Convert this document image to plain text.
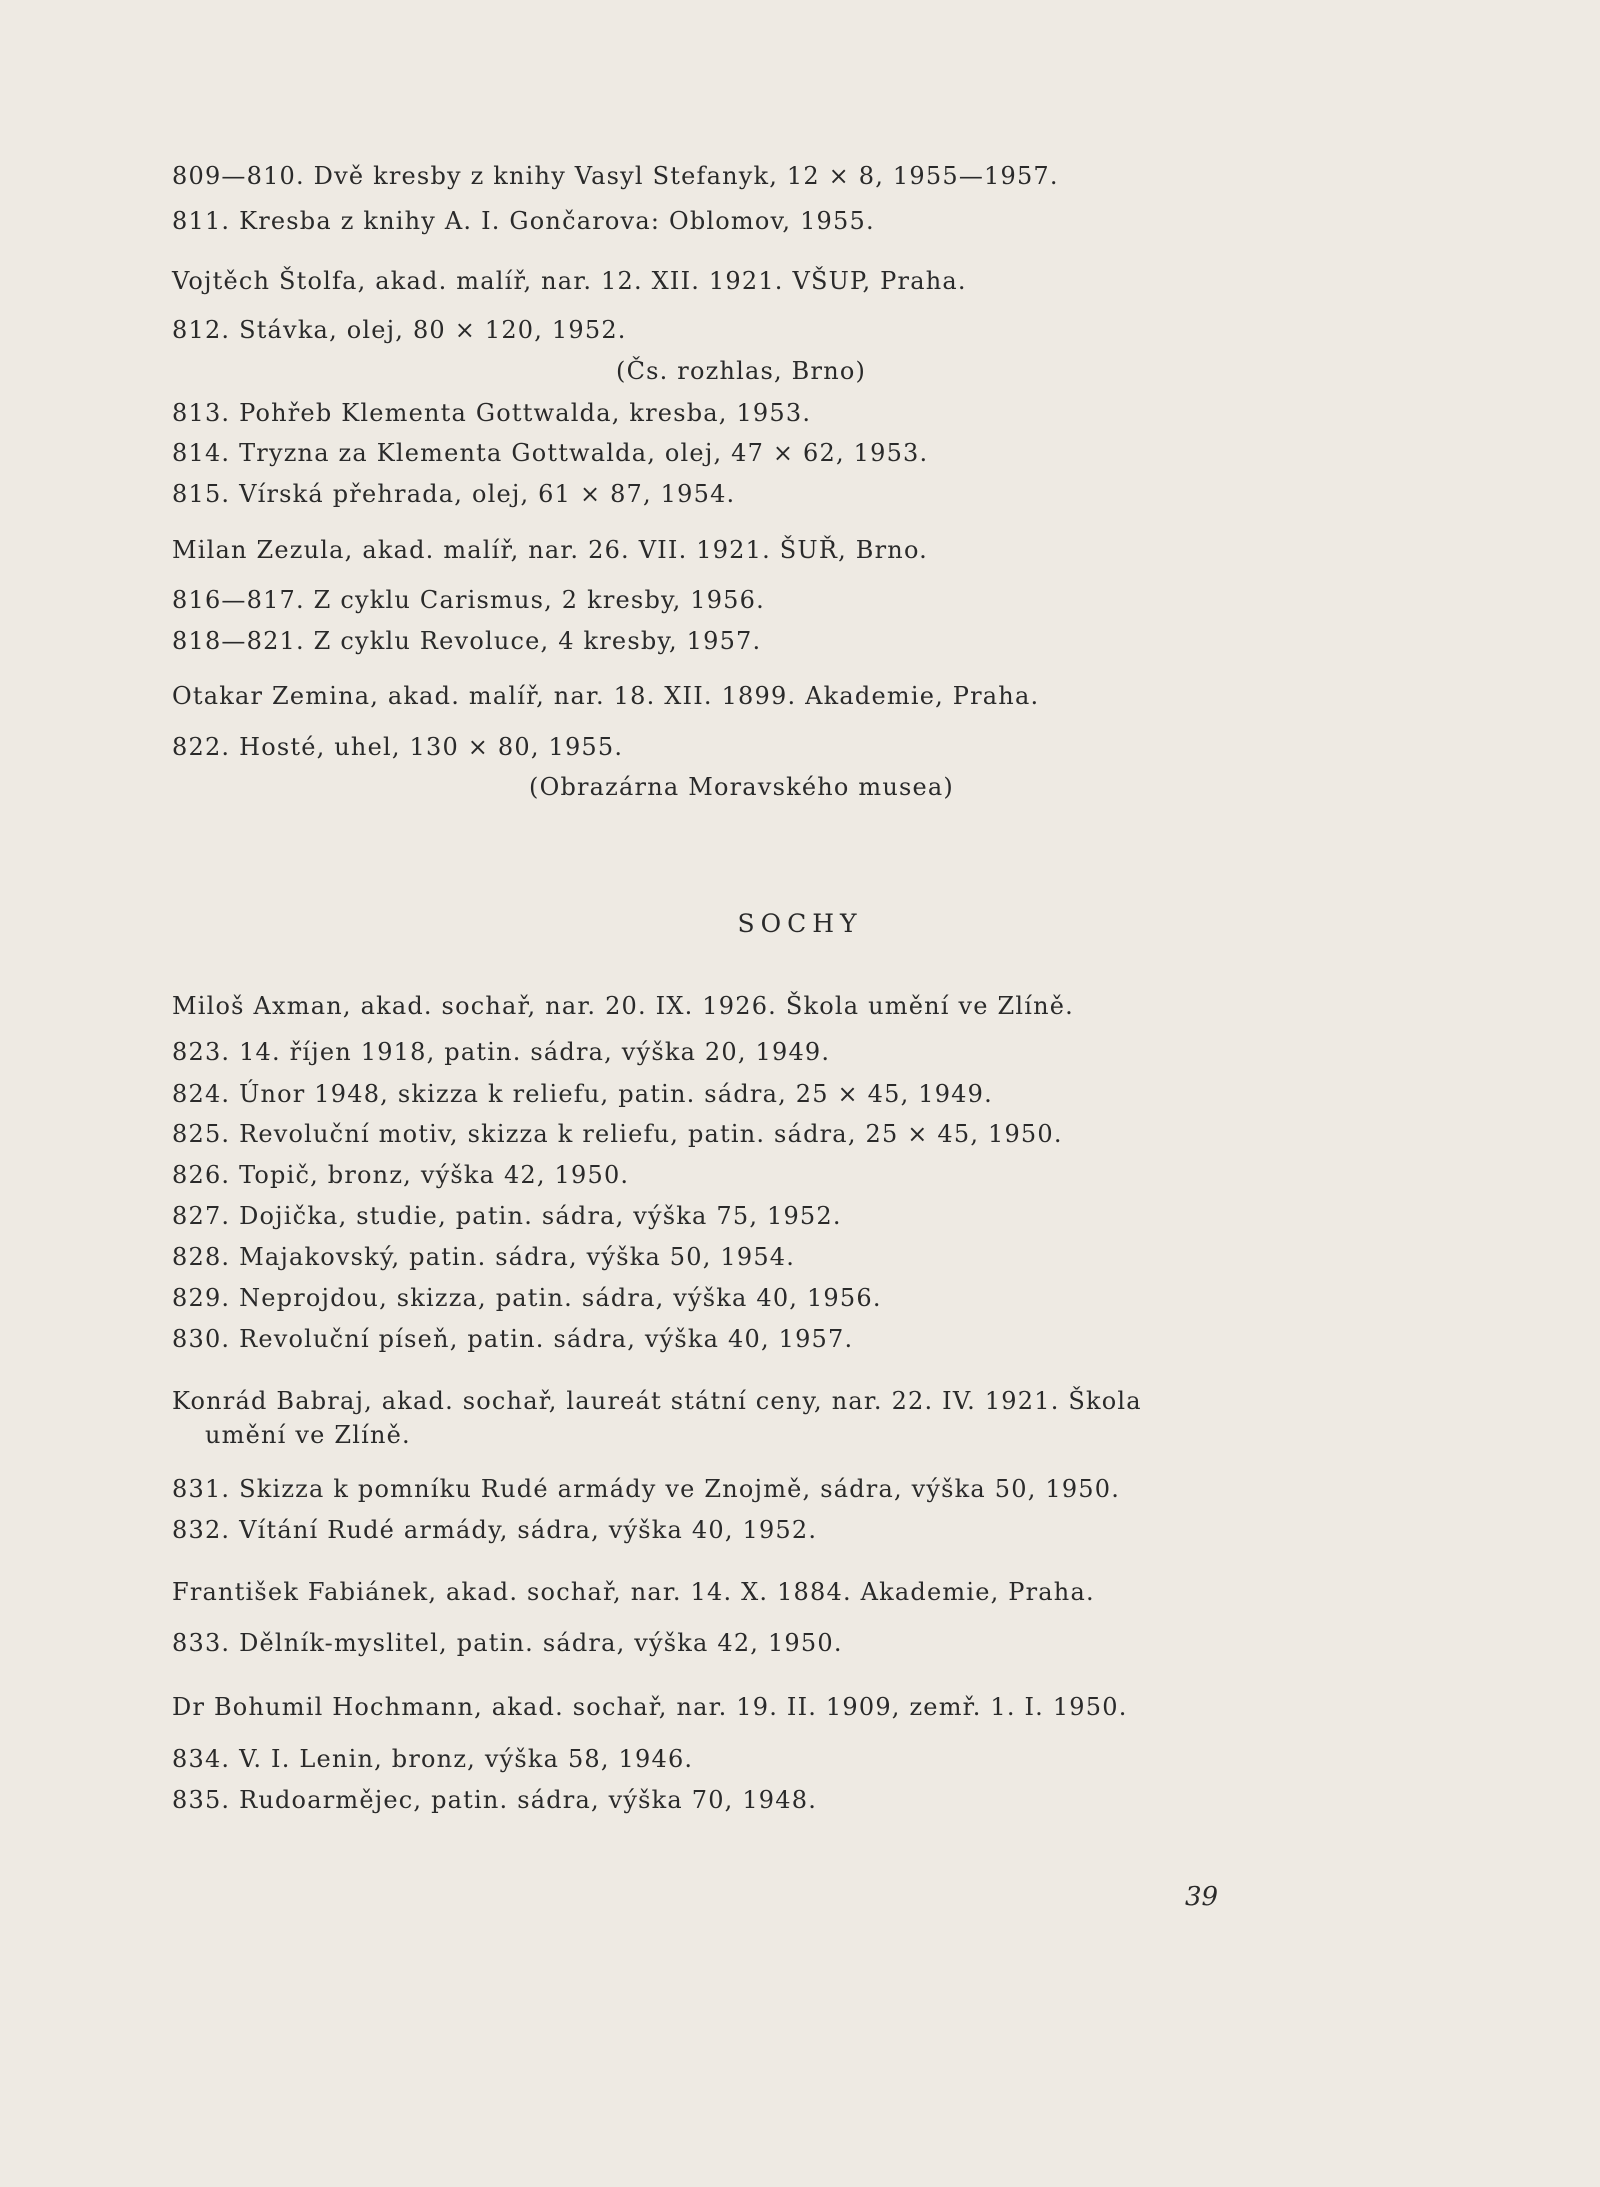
809—810. Dvě kresby z knihy Vasyl Stefanyk, 12 × 8, 1955—1957.
811. Kresba z knihy A. I. Gončarova: Oblomov, 1955.
Vojtěch Štolfa, akad. malíř, nar. 12. XII. 1921. VŠUP, Praha.
812. Stávka, olej, 80 × 120, 1952.
(Čs. rozhlas, Brno)
813. Pohřeb Klementa Gottwalda, kresba, 1953.
814. Tryzna za Klementa Gottwalda, olej, 47 × 62, 1953.
815. Vírská přehrada, olej, 61 × 87, 1954.
Milan Zezula, akad. malíř, nar. 26. VII. 1921. ŠUŘ, Brno.
816—817. Z cyklu Carismus, 2 kresby, 1956.
818—821. Z cyklu Revoluce, 4 kresby, 1957.
Otakar Zemina, akad. malíř, nar. 18. XII. 1899. Akademie, Praha.
822. Hosté, uhel, 130 × 80, 1955.
(Obrazárna Moravského musea)
SOCHY
Miloš Axman, akad. sochař, nar. 20. IX. 1926. Škola umění ve Zlíně.
823. 14. říjen 1918, patin. sádra, výška 20, 1949.
824. Únor 1948, skizza k reliefu, patin. sádra, 25 × 45, 1949.
825. Revoluční motiv, skizza k reliefu, patin. sádra, 25 × 45, 1950.
826. Topič, bronz, výška 42, 1950.
827. Dojička, studie, patin. sádra, výška 75, 1952.
828. Majakovský, patin. sádra, výška 50, 1954.
829. Neprojdou, skizza, patin. sádra, výška 40, 1956.
830. Revoluční píseň, patin. sádra, výška 40, 1957.
Konrád Babraj, akad. sochař, laureát státní ceny, nar. 22. IV. 1921. Škola
umění ve Zlíně.
831. Skizza k pomníku Rudé armády ve Znojmě, sádra, výška 50, 1950.
832. Vítání Rudé armády, sádra, výška 40, 1952.
František Fabiánek, akad. sochař, nar. 14. X. 1884. Akademie, Praha.
833. Dělník-myslitel, patin. sádra, výška 42, 1950.
Dr Bohumil Hochmann, akad. sochař, nar. 19. II. 1909, zemř. 1. I. 1950.
834. V. I. Lenin, bronz, výška 58, 1946.
835. Rudoarmějec, patin. sádra, výška 70, 1948.
39
